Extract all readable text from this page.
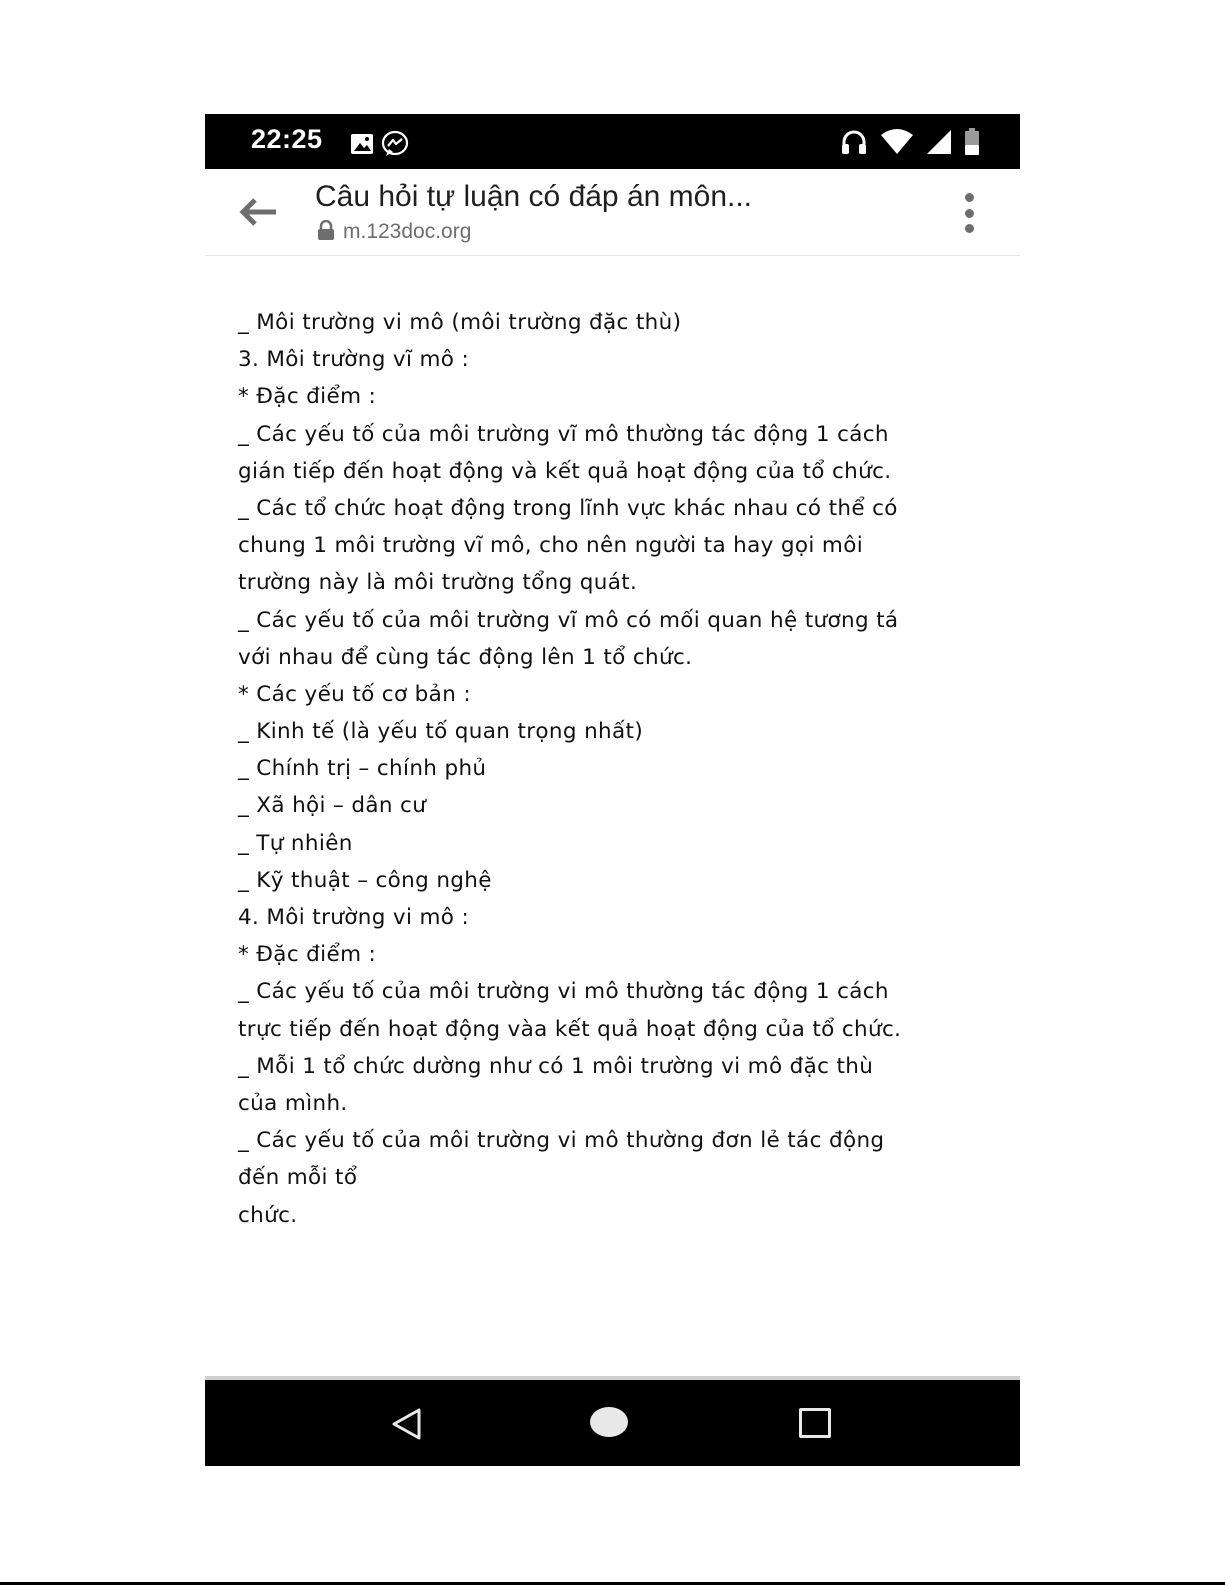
22:25
Câu hỏi tự luận có đáp án môn...
m.123doc.org
_ Môi trường vi mô (môi trường đặc thù)
3. Môi trường vĩ mô :
* Đặc điểm :
_ Các yếu tố của môi trường vĩ mô thường tác động 1 cách
gián tiếp đến hoạt động và kết quả hoạt động của tổ chức.
_ Các tổ chức hoạt động trong lĩnh vực khác nhau có thể có
chung 1 môi trường vĩ mô, cho nên người ta hay gọi môi
trường này là môi trường tổng quát.
_ Các yếu tố của môi trường vĩ mô có mối quan hệ tương tá
với nhau để cùng tác động lên 1 tổ chức.
* Các yếu tố cơ bản :
_ Kinh tế (là yếu tố quan trọng nhất)
_ Chính trị – chính phủ
_ Xã hội – dân cư
_ Tự nhiên
_ Kỹ thuật – công nghệ
4. Môi trường vi mô :
* Đặc điểm :
_ Các yếu tố của môi trường vi mô thường tác động 1 cách
trực tiếp đến hoạt động vàa kết quả hoạt động của tổ chức.
_ Mỗi 1 tổ chức dường như có 1 môi trường vi mô đặc thù
của mình.
_ Các yếu tố của môi trường vi mô thường đơn lẻ tác động
đến mỗi tổ
chức.
